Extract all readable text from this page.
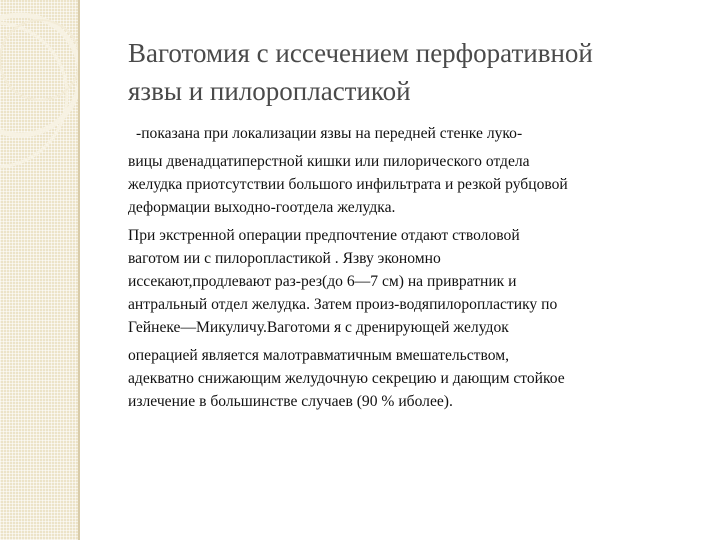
Ваготомия с иссечением перфоративной
язвы и пилоропластикой

-показана при локализации язвы на передней стенке луко-

вицы двенадцатиперстной кишки или пилорического отдела

желудка приотсутствии большого инфильтрата и резкой рубцовой

деформации выходно-гоотдела желудка.

При экстренной операции предпочтение отдают стволовой

ваготом ии с пилоропластикой . Язву экономно

иссекают,продлевают раз-рез(до 6—7 см) на привратник и

антральный отдел желудка. Затем произ-водяпилоропластику по

Гейнеке—Микуличу.Ваготоми я с дренирующей желудок

операцией является малотравматичным вмешательством,

адекватно снижающим желудочную секрецию и дающим стойкое

излечение в большинстве случаев (90 % иболее).
